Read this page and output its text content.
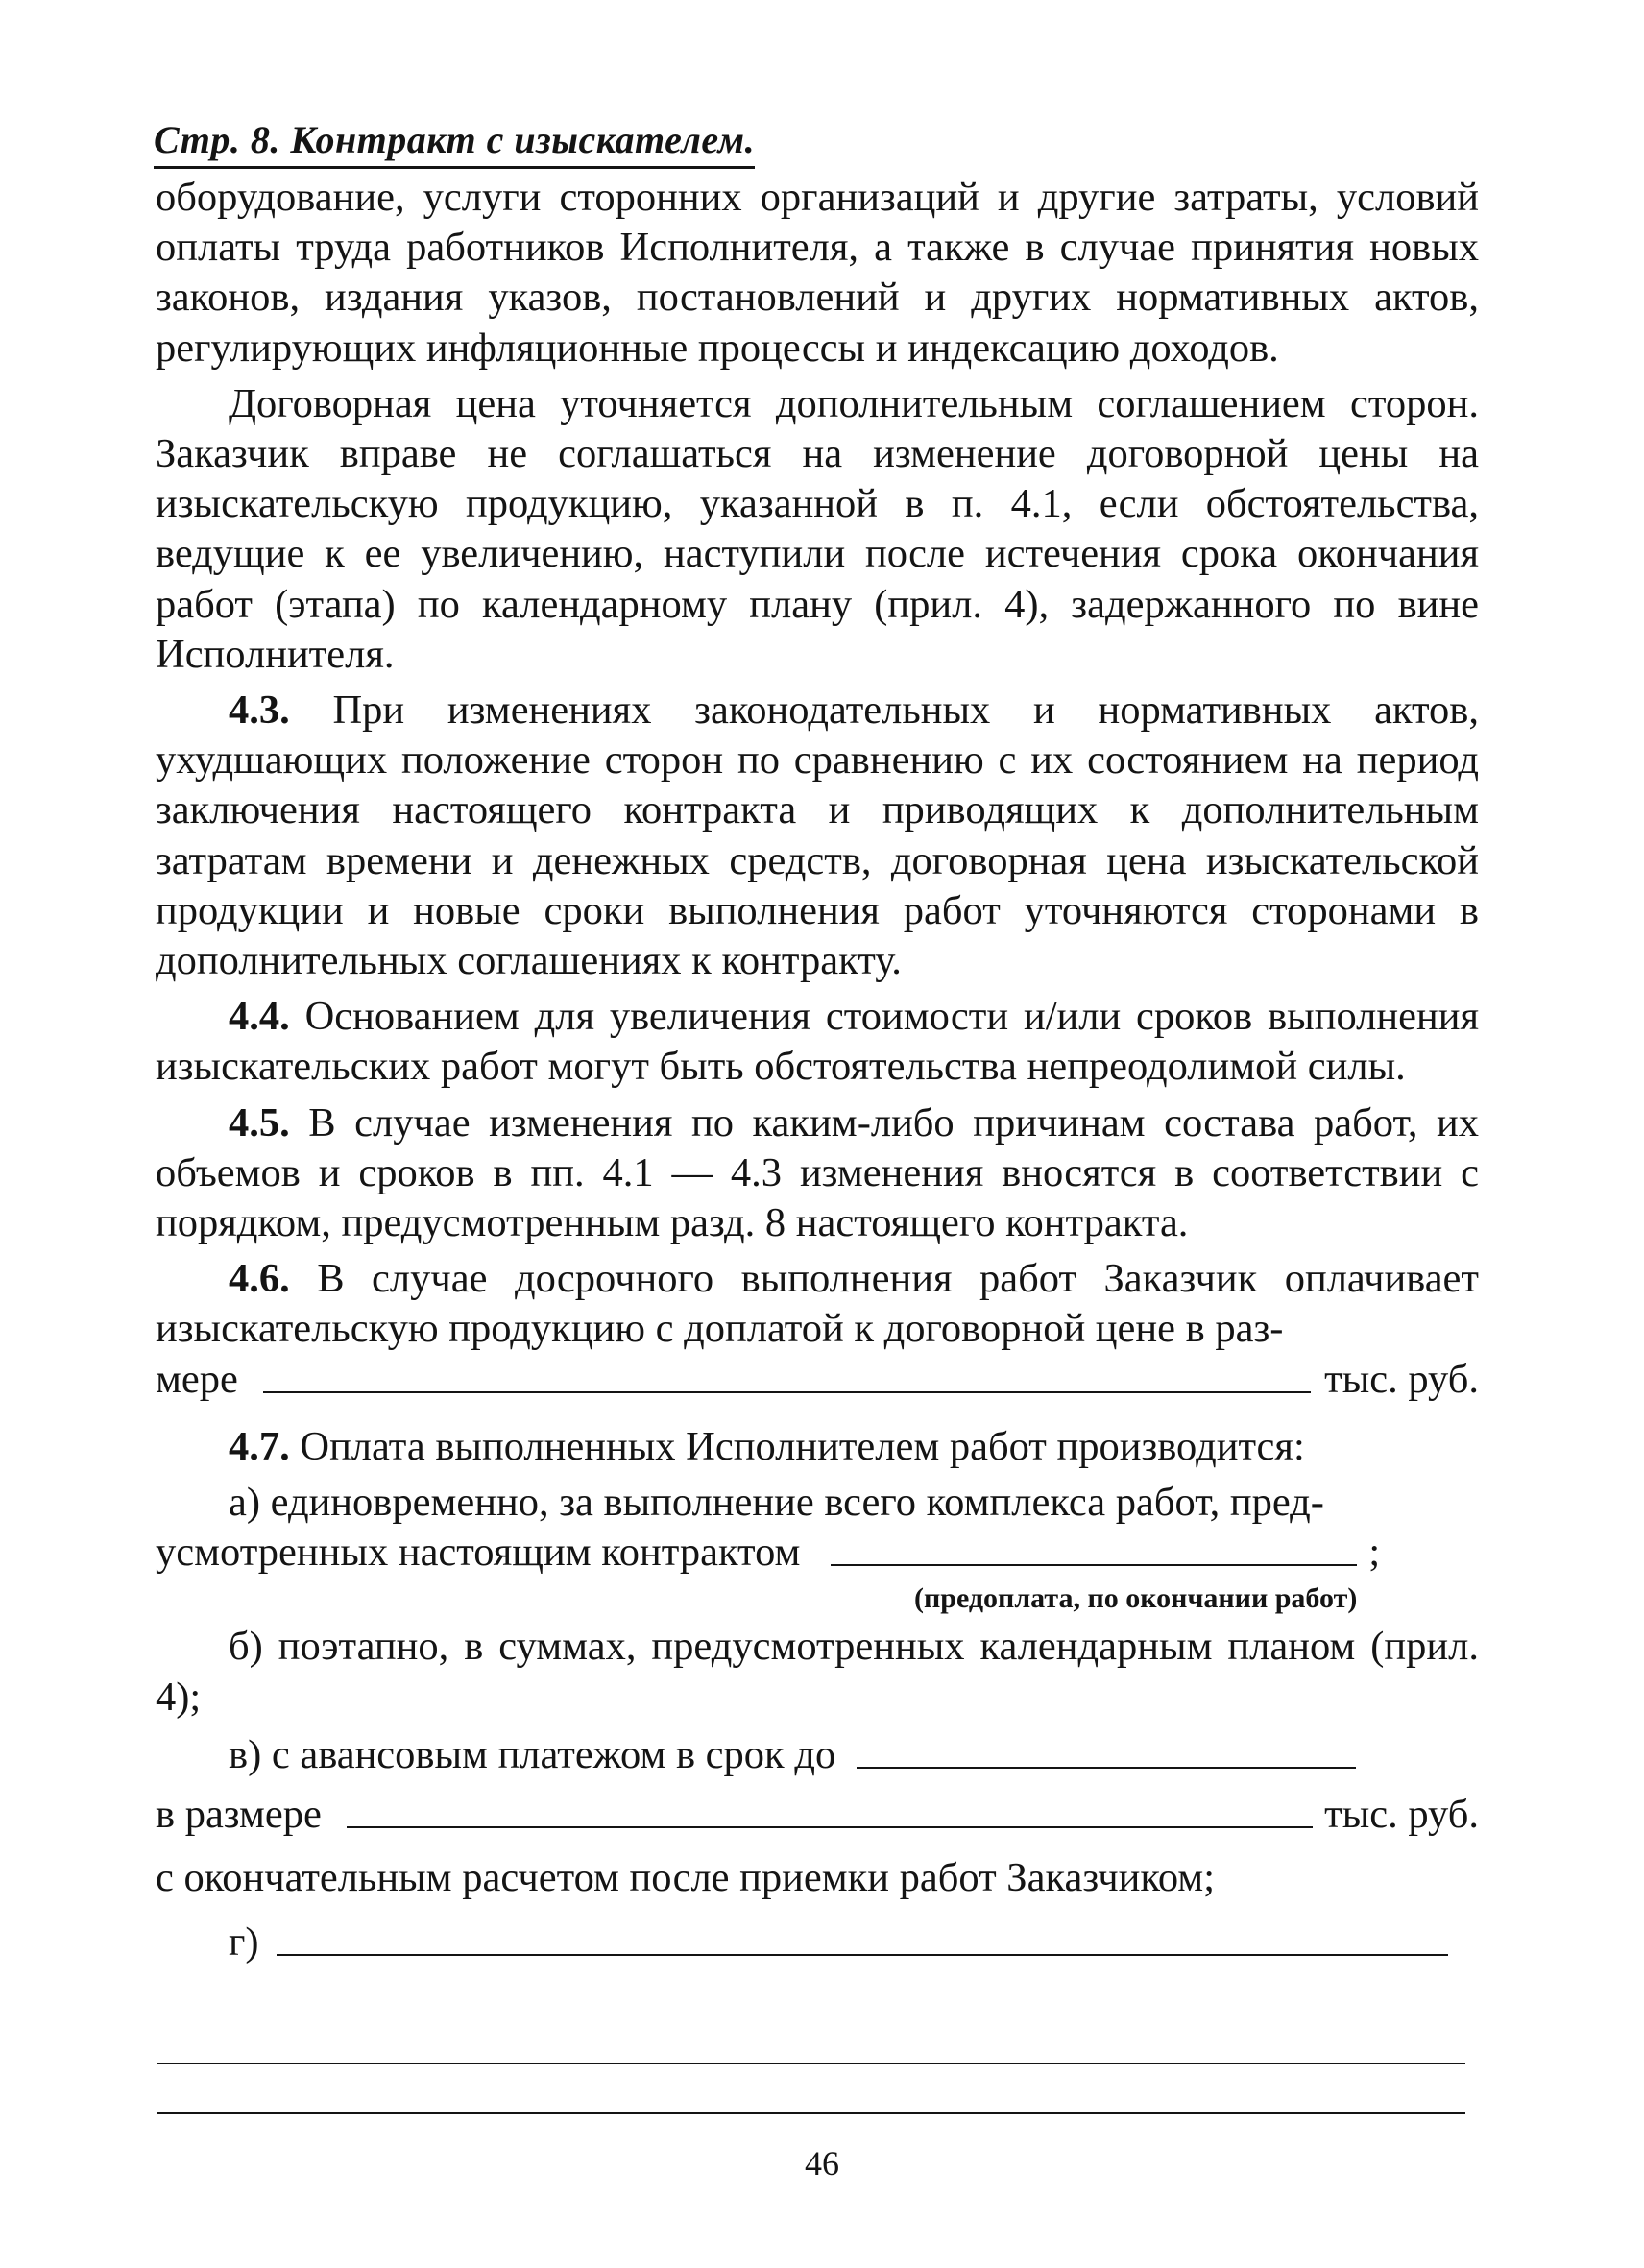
Стр. 8. Контракт с изыскателем.

оборудование, услуги сторонних организаций и другие затраты, условий оплаты труда работников Исполнителя, а также в случае принятия новых законов, издания указов, постановлений и других нормативных актов, регулирующих инфляционные процессы и индексацию доходов.

Договорная цена уточняется дополнительным соглашением сторон. Заказчик вправе не соглашаться на изменение договорной цены на изыскательскую продукцию, указанной в п. 4.1, если обстоятельства, ведущие к ее увеличению, наступили после истечения срока окончания работ (этапа) по календарному плану (прил. 4), задержанного по вине Исполнителя.

4.3. При изменениях законодательных и нормативных актов, ухудшающих положение сторон по сравнению с их состоянием на период заключения настоящего контракта и приводящих к дополнительным затратам времени и денежных средств, договорная цена изыскательской продукции и новые сроки выполнения работ уточняются сторонами в дополнительных соглашениях к контракту.

4.4. Основанием для увеличения стоимости и/или сроков выполнения изыскательских работ могут быть обстоятельства непреодолимой силы.

4.5. В случае изменения по каким-либо причинам состава работ, их объемов и сроков в пп. 4.1 — 4.3 изменения вносятся в соответствии с порядком, предусмотренным разд. 8 настоящего контракта.

4.6. В случае досрочного выполнения работ Заказчик оплачивает изыскательскую продукцию с доплатой к договорной цене в раз-

мере	тыс. руб.

4.7. Оплата выполненных Исполнителем работ производится:

а) единовременно, за выполнение всего комплекса работ, пред-

усмотренных настоящим контрактом	;
(предоплата, по окончании работ)

б) поэтапно, в суммах, предусмотренных календарным планом (прил. 4);

в) с авансовым платежом в срок до
в размере	тыс. руб.

с окончательным расчетом после приемки работ Заказчиком;

г)
46
